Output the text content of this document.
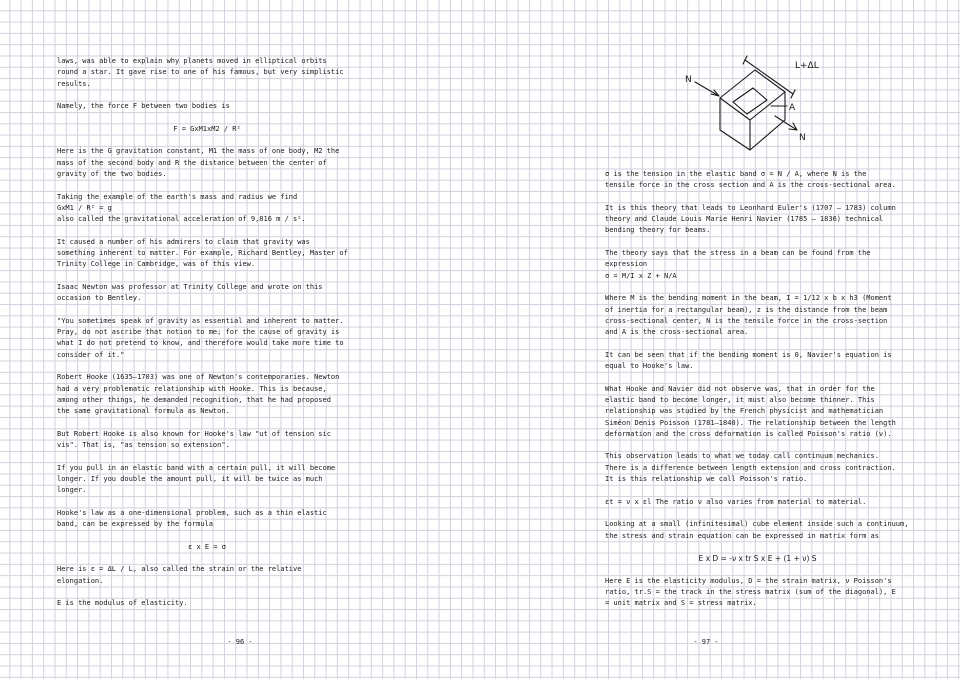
laws, was able to explain why planets moved in elliptical orbits
round a star. It gave rise to one of his famous, but very simplistic
results.

Namely, the force F between two bodies is

F = GxM1xM2 / R²

Here is the G gravitation constant, M1 the mass of one body, M2 the
mass of the second body and R the distance between the center of
gravity of the two bodies.

Taking the example of the earth's mass and radius we find
GxM1 / R² = g
also called the gravitational acceleration of 9,816 m / s².

It caused a number of his admirers to claim that gravity was
something inherent to matter. For example, Richard Bentley, Master of
Trinity College in Cambridge, was of this view.

Isaac Newton was professor at Trinity College and wrote on this
occasion to Bentley.

"You sometimes speak of gravity as essential and inherent to matter.
Pray, do not ascribe that notion to me; for the cause of gravity is
what I do not pretend to know, and therefore would take more time to
consider of it."

Robert Hooke (1635–1703) was one of Newton's contemporaries. Newton
had a very problematic relationship with Hooke. This is because,
among other things, he demanded recognition, that he had proposed
the same gravitational formula as Newton.

But Robert Hooke is also known for Hooke's law "ut of tension sic
vis". That is, "as tension so extension".

If you pull in an elastic band with a certain pull, it will become
longer. If you double the amount pull, it will be twice as much
longer.

Hooke's law as a one-dimensional problem, such as a thin elastic
band, can be expressed by the formula

ε x E = σ

Here is ε = ΔL / L, also called the strain or the relative
elongation.

E is the modulus of elasticity.

- 96 -
L+ΔL
N
N
A

σ is the tension in the elastic band σ = N / A, where N is the
tensile force in the cross section and A is the cross-sectional area.

It is this theory that leads to Leonhard Euler's (1707 – 1783) column
theory and Claude Louis Marie Henri Navier (1785 – 1836) technical
bending theory for beams.

The theory says that the stress in a beam can be found from the
expression
σ = M/I x Z + N/A

Where M is the bending moment in the beam, I = 1/12 x b x h3 (Moment
of inertia for a rectangular beam), z is the distance from the beam
cross-sectional center, N is the tensile force in the cross-section
and A is the cross-sectional area.

It can be seen that if the bending moment is 0, Navier's equation is
equal to Hooke's law.

What Hooke and Navier did not observe was, that in order for the
elastic band to become longer, it must also become thinner. This
relationship was studied by the French physicist and mathematician
Siméon Denis Poisson (1781–1840). The relationship between the length
deformation and the cross deformation is called Poisson's ratio (ν).

This observation leads to what we today call continuum mechanics.
There is a difference between length extension and cross contraction.
It is this relationship we call Poisson's ratio.

εt = ν x εl The ratio ν also varies from material to material.

Looking at a small (infinitesimal) cube element inside such a continuum,
the stress and strain equation can be expressed in matrix form as

E x D = -ν x tr S x E + (1 + ν) S

Here E is the elasticity modulus, D = the strain matrix, ν Poisson's
ratio, tr.S = the track in the stress matrix (sum of the diagonal), E
= unit matrix and S = stress matrix.

- 97 -
